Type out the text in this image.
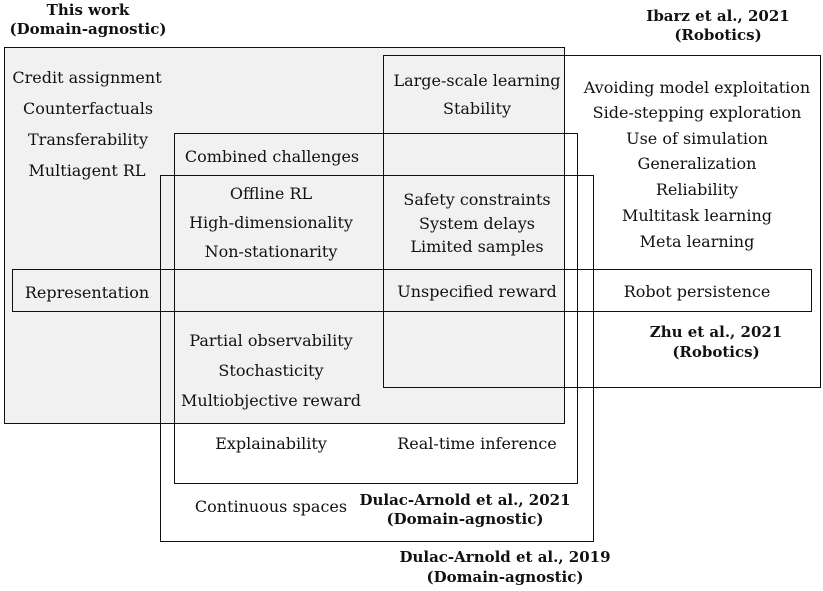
This work
(Domain-agnostic)
Ibarz et al., 2021
(Robotics)
Zhu et al., 2021
(Robotics)
Dulac-Arnold et al., 2021
(Domain-agnostic)
Dulac-Arnold et al., 2019
(Domain-agnostic)
Credit assignment
Counterfactuals
Transferability
Multiagent RL
Large-scale learning
Stability
Avoiding model exploitation
Side-stepping exploration
Use of simulation
Generalization
Reliability
Multitask learning
Meta learning
Combined challenges
Offline RL
High-dimensionality
Non-stationarity
Safety constraints
System delays
Limited samples
Representation	Unspecified reward	Robot persistence
Partial observability
Stochasticity
Multiobjective reward
Explainability	Real-time inference
Continuous spaces
